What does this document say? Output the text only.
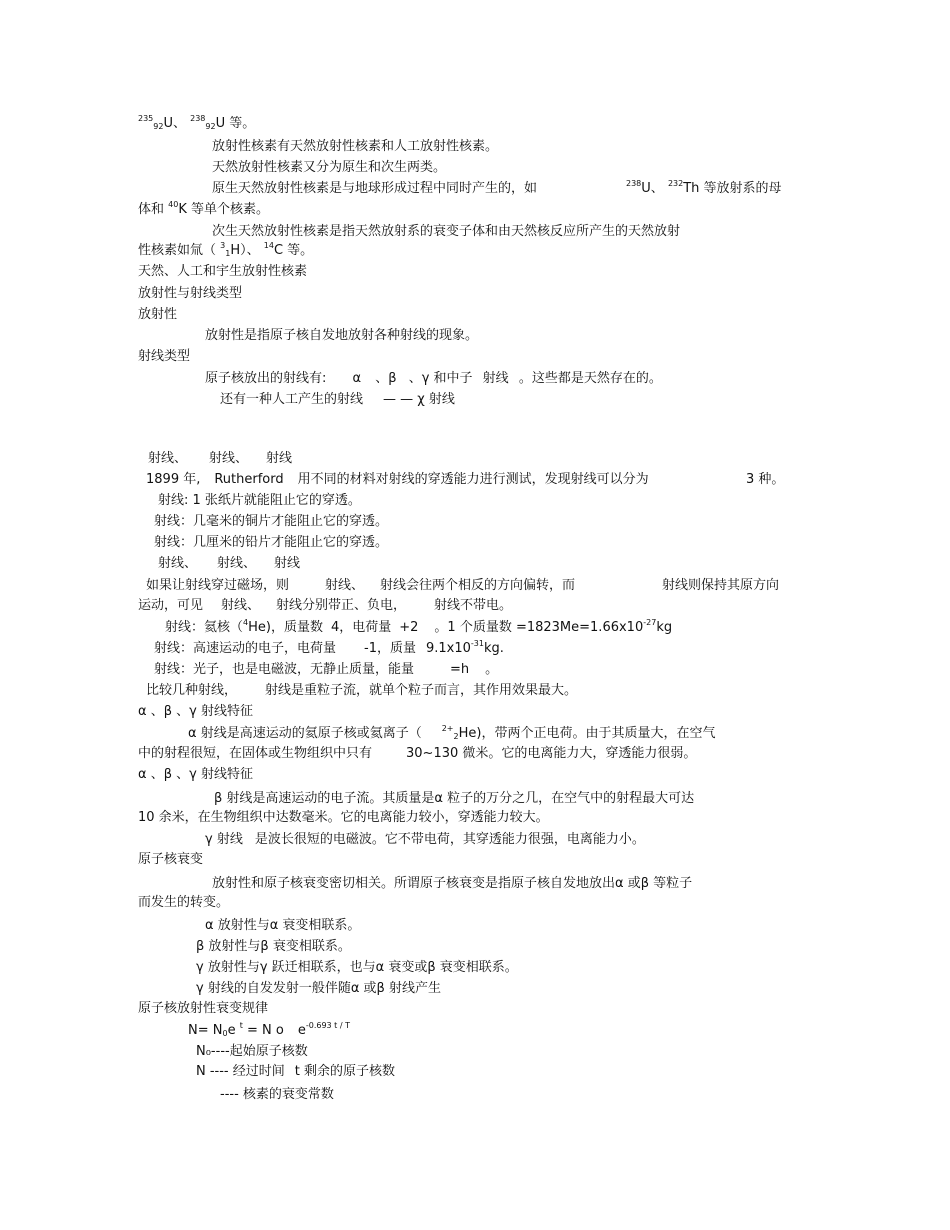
$^{235}_{92}$U、 $^{238}_{92}$U 等。
放射性核素有天然放射性核素和人工放射性核素。
天然放射性核素又分为原生和次生两类。
原生天然放射性核素是与地球形成过程中同时产生的，如	$^{238}$U、 $^{232}$Th 等放射系的母
体和 $^{40}$K 等单个核素。
次生天然放射性核素是指天然放射系的衰变子体和由天然核反应所产生的天然放射
性核素如氚（ $^3_1$H）、 $^{14}$C 等。
天然、人工和宇生放射性核素
放射性与射线类型
放射性
放射性是指原子核自发地放射各种射线的现象。
射线类型
原子核放出的射线有: α 、β 、γ 和中子 射线 。这些都是天然存在的。
还有一种人工产生的射线 — — χ 射线
射线、 射线、 射线
1899 年, Rutherford 用不同的材料对射线的穿透能力进行测试，发现射线可以分为	3 种。
射线: 1 张纸片就能阻止它的穿透。
射线：几毫米的铜片才能阻止它的穿透。
射线：几厘米的铅片才能阻止它的穿透。
射线、 射线、 射线
如果让射线穿过磁场，则	射线、 射线会往两个相反的方向偏转，而	射线则保持其原方向
运动，可见 射线、 射线分别带正、负电， 射线不带电。
射线：氦核（$^4$He)，质量数 4，电荷量 +2 。1 个质量数 $=1823Me=1.66x10^{-27}kg$
射线：高速运动的电子，电荷量 -1，质量 $9.1x10^{-31}kg$.
射线：光子，也是电磁波，无静止质量，能量	=h 。
比较几种射线， 射线是重粒子流，就单个粒子而言，其作用效果最大。
α 、β 、γ 射线特征
α 射线是高速运动的氦原子核或氦离子（	$^{2+}_2$He)，带两个正电荷。由于其质量大，在空气
中的射程很短，在固体或生物组织中只有	30~130 微米。它的电离能力大，穿透能力很弱。
α 、β 、γ 射线特征
β 射线是高速运动的电子流。其质量是α 粒子的万分之几，在空气中的射程最大可达
10 余米，在生物组织中达数毫米。它的电离能力较小，穿透能力较大。
γ 射线 是波长很短的电磁波。它不带电荷，其穿透能力很强，电离能力小。
原子核衰变
放射性和原子核衰变密切相关。所谓原子核衰变是指原子核自发地放出α 或β 等粒子
而发生的转变。
α 放射性与α 衰变相联系。
β 放射性与β 衰变相联系。
γ 放射性与γ 跃迁相联系，也与α 衰变或β 衰变相联系。
γ 射线的自发发射一般伴随α 或β 射线产生
原子核放射性衰变规律
$N= N_0e$ $^t$ = N o $e^{-0.693 t / T}$
N₀----起始原子核数
N ---- 经过时间 t 剩余的原子核数
---- 核素的衰变常数
